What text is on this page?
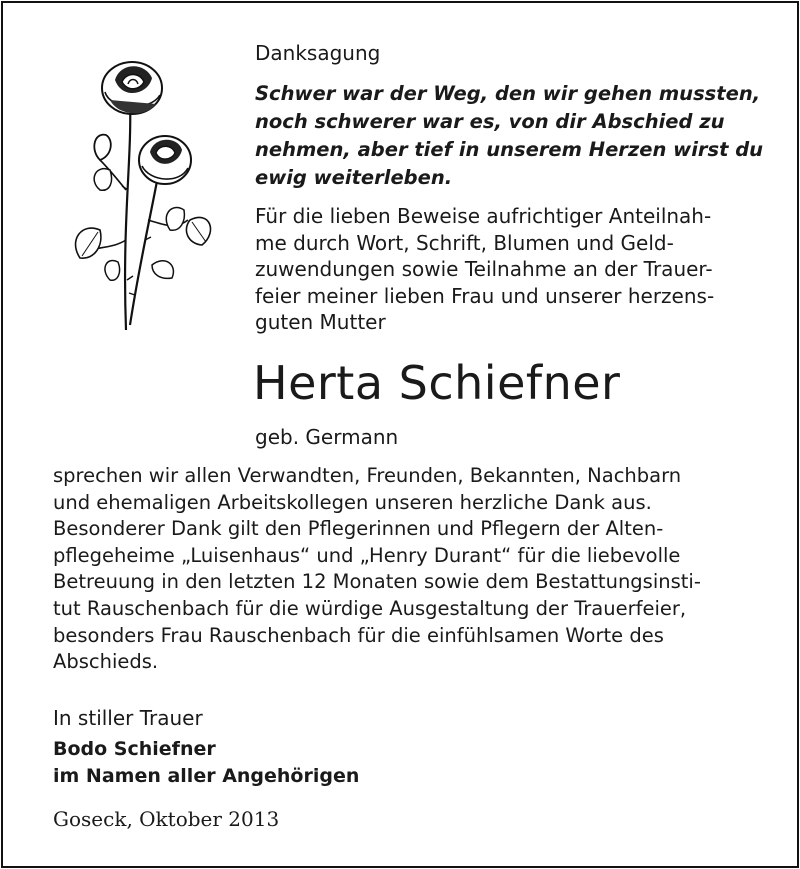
Danksagung
Schwer war der Weg, den wir gehen mussten,
noch schwerer war es, von dir Abschied zu
nehmen, aber tief in unserem Herzen wirst du
ewig weiterleben.
Für die lieben Beweise aufrichtiger Anteilnah-
me durch Wort, Schrift, Blumen und Geld-
zuwendungen sowie Teilnahme an der Trauer-
feier meiner lieben Frau und unserer herzens-
guten Mutter
Herta Schiefner
geb. Germann
sprechen wir allen Verwandten, Freunden, Bekannten, Nachbarn
und ehemaligen Arbeitskollegen unseren herzliche Dank aus.
Besonderer Dank gilt den Pflegerinnen und Pflegern der Alten-
pflegeheime „Luisenhaus“ und „Henry Durant“ für die liebevolle
Betreuung in den letzten 12 Monaten sowie dem Bestattungsinsti-
tut Rauschenbach für die würdige Ausgestaltung der Trauerfeier,
besonders Frau Rauschenbach für die einfühlsamen Worte des
Abschieds.
In stiller Trauer
Bodo Schiefner
im Namen aller Angehörigen
Goseck, Oktober 2013
